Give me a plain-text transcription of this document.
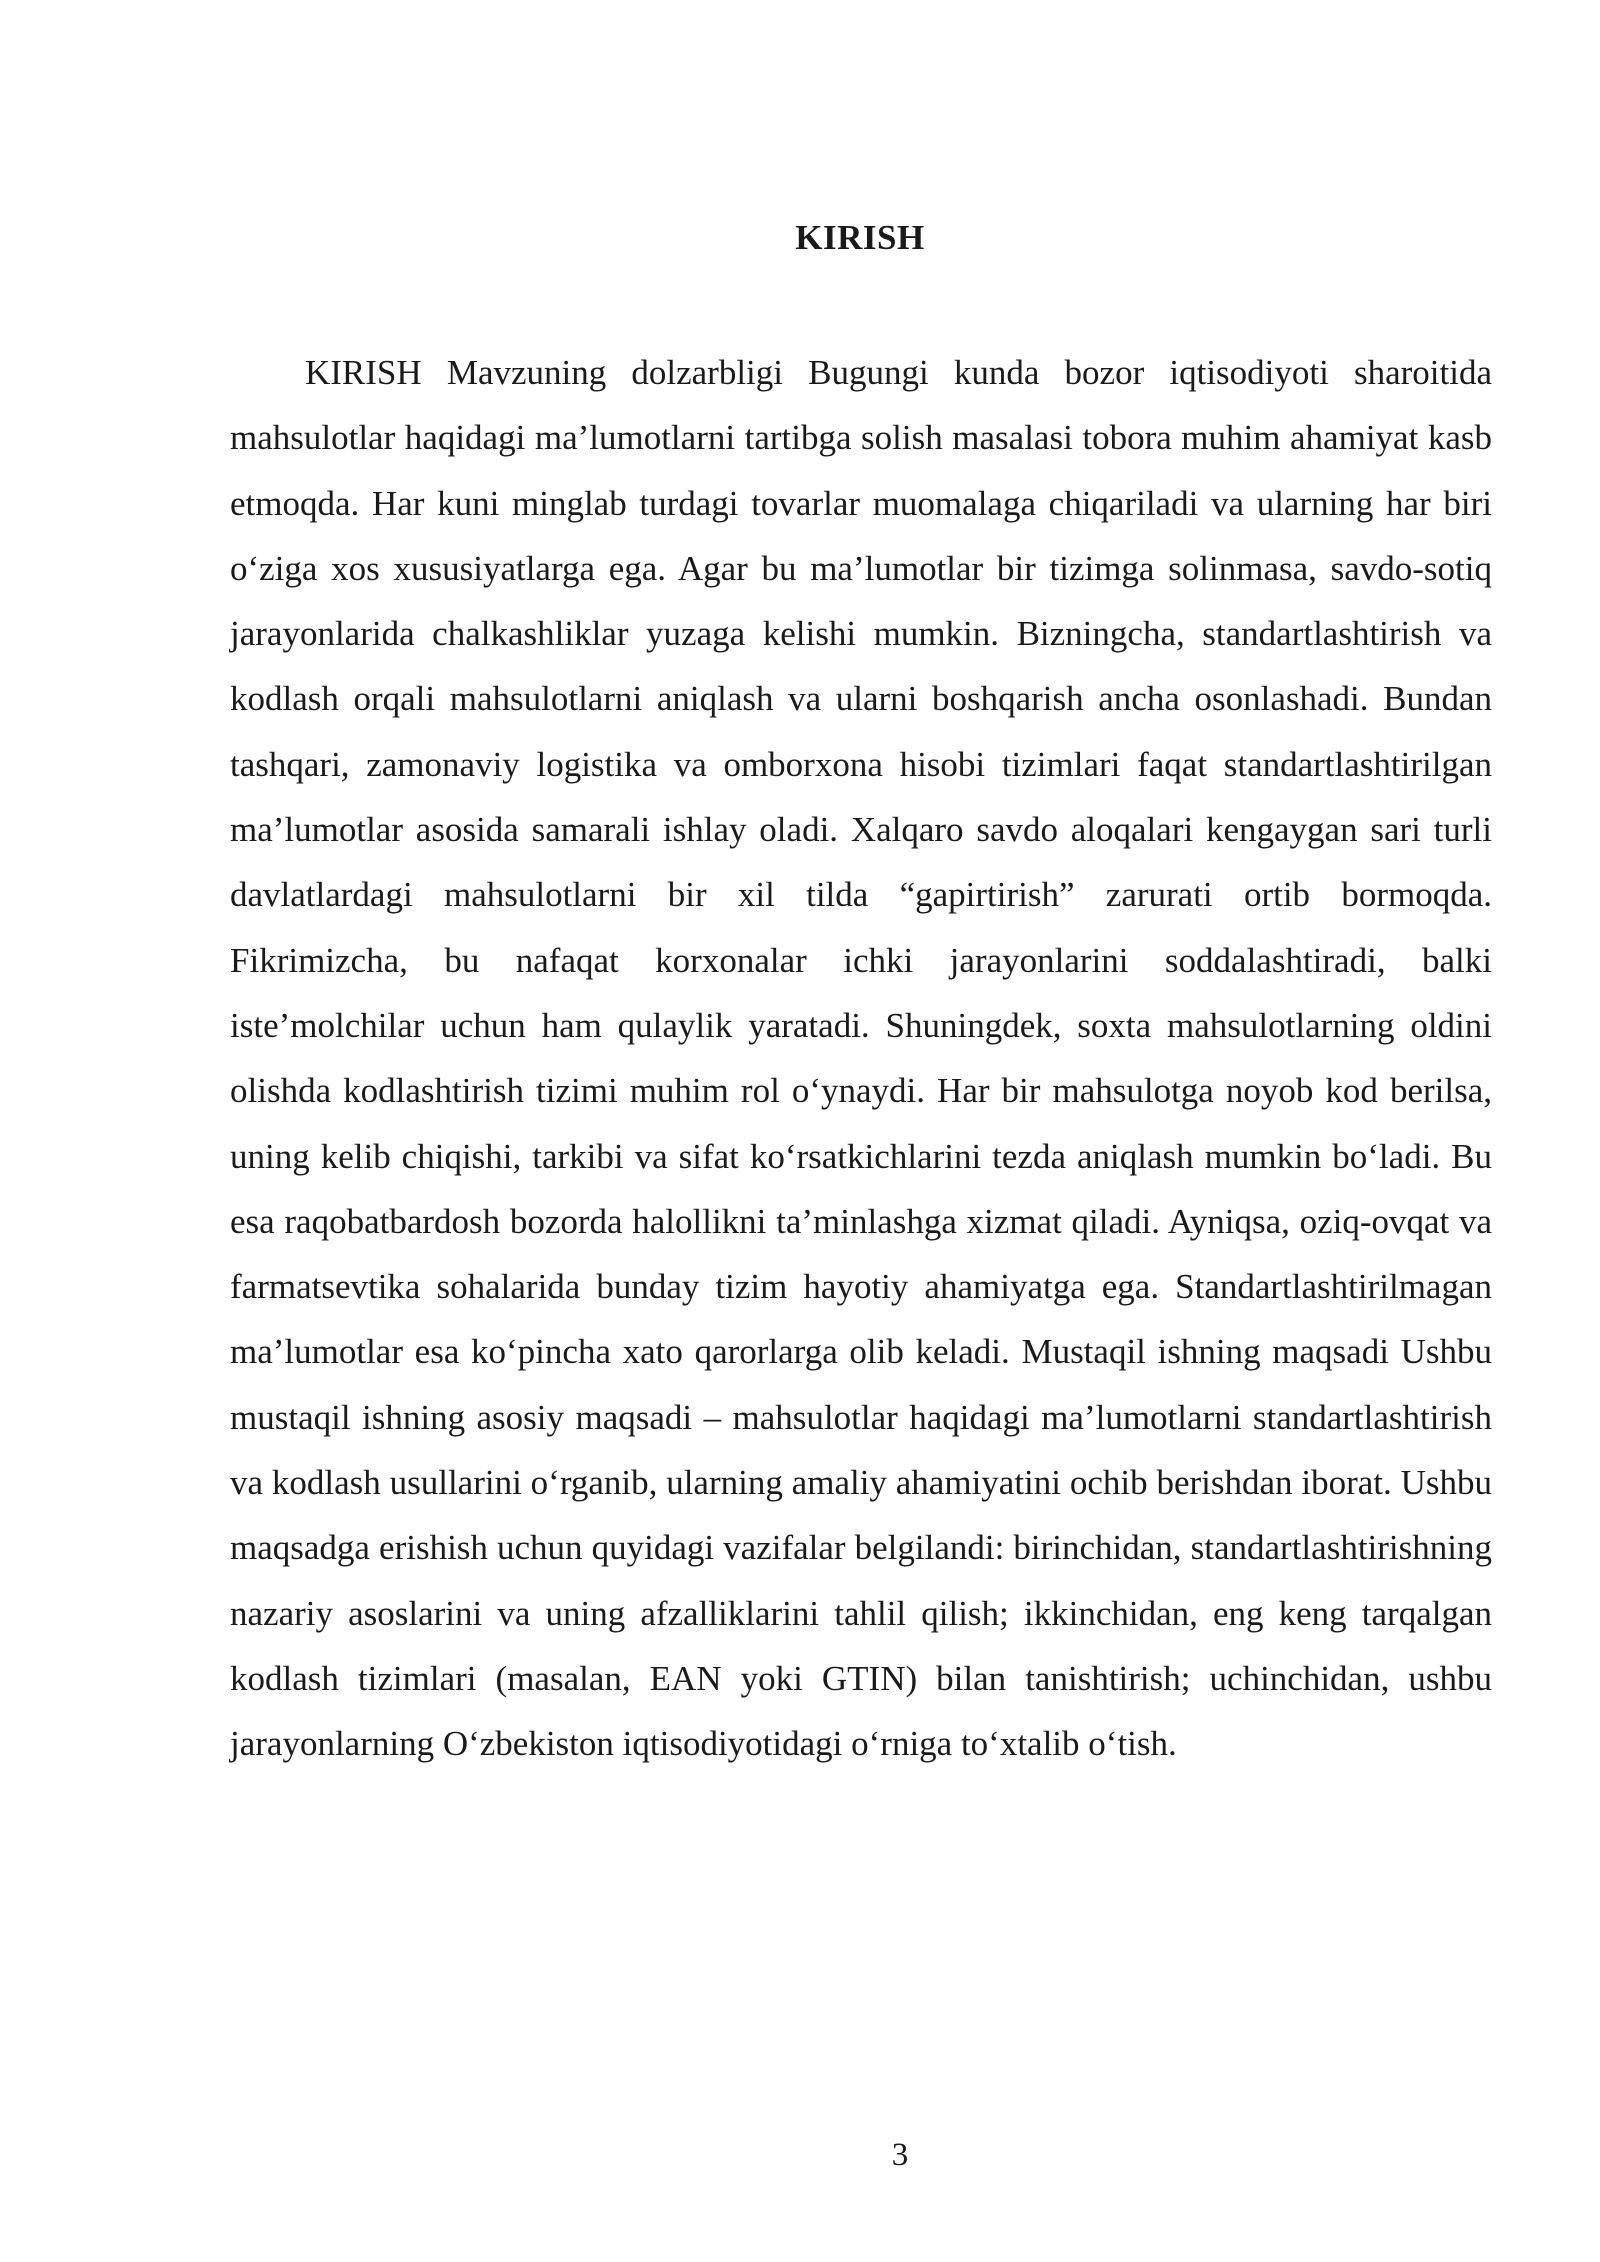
KIRISH

KIRISH Mavzuning dolzarbligi Bugungi kunda bozor iqtisodiyoti sharoitida mahsulotlar haqidagi ma’lumotlarni tartibga solish masalasi tobora muhim ahamiyat kasb etmoqda. Har kuni minglab turdagi tovarlar muomalaga chiqariladi va ularning har biri o‘ziga xos xususiyatlarga ega. Agar bu ma’lumotlar bir tizimga solinmasa, savdo-sotiq jarayonlarida chalkashliklar yuzaga kelishi mumkin. Bizningcha, standartlashtirish va kodlash orqali mahsulotlarni aniqlash va ularni boshqarish ancha osonlashadi. Bundan tashqari, zamonaviy logistika va omborxona hisobi tizimlari faqat standartlashtirilgan ma’lumotlar asosida samarali ishlay oladi. Xalqaro savdo aloqalari kengaygan sari turli davlatlardagi mahsulotlarni bir xil tilda “gapirtirish” zarurati ortib bormoqda. Fikrimizcha, bu nafaqat korxonalar ichki jarayonlarini soddalashtiradi, balki iste’molchilar uchun ham qulaylik yaratadi. Shuningdek, soxta mahsulotlarning oldini olishda kodlashtirish tizimi muhim rol o‘ynaydi. Har bir mahsulotga noyob kod berilsa, uning kelib chiqishi, tarkibi va sifat ko‘rsatkichlarini tezda aniqlash mumkin bo‘ladi. Bu esa raqobatbardosh bozorda halollikni ta’minlashga xizmat qiladi. Ayniqsa, oziq-ovqat va farmatsevtika sohalarida bunday tizim hayotiy ahamiyatga ega. Standartlashtirilmagan ma’lumotlar esa ko‘pincha xato qarorlarga olib keladi. Mustaqil ishning maqsadi Ushbu mustaqil ishning asosiy maqsadi – mahsulotlar haqidagi ma’lumotlarni standartlashtirish va kodlash usullarini o‘rganib, ularning amaliy ahamiyatini ochib berishdan iborat. Ushbu maqsadga erishish uchun quyidagi vazifalar belgilandi: birinchidan, standartlashtirishning nazariy asoslarini va uning afzalliklarini tahlil qilish; ikkinchidan, eng keng tarqalgan kodlash tizimlari (masalan, EAN yoki GTIN) bilan tanishtirish; uchinchidan, ushbu jarayonlarning O‘zbekiston iqtisodiyotidagi o‘rniga to‘xtalib o‘tish.

3
